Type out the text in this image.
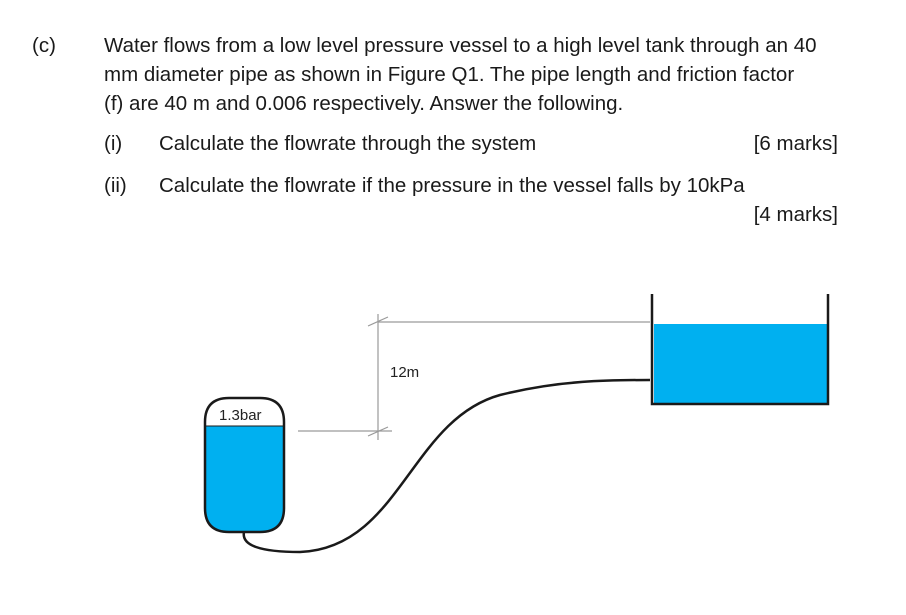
(c) Water flows from a low level pressure vessel to a high level tank through an 40
mm diameter pipe as shown in Figure Q1. The pipe length and friction factor
(f) are 40 m and 0.006 respectively. Answer the following.
(i) Calculate the flowrate through the system	[6 marks]
(ii) Calculate the flowrate if the pressure in the vessel falls by 10kPa
[4 marks]
12m
1.3bar
